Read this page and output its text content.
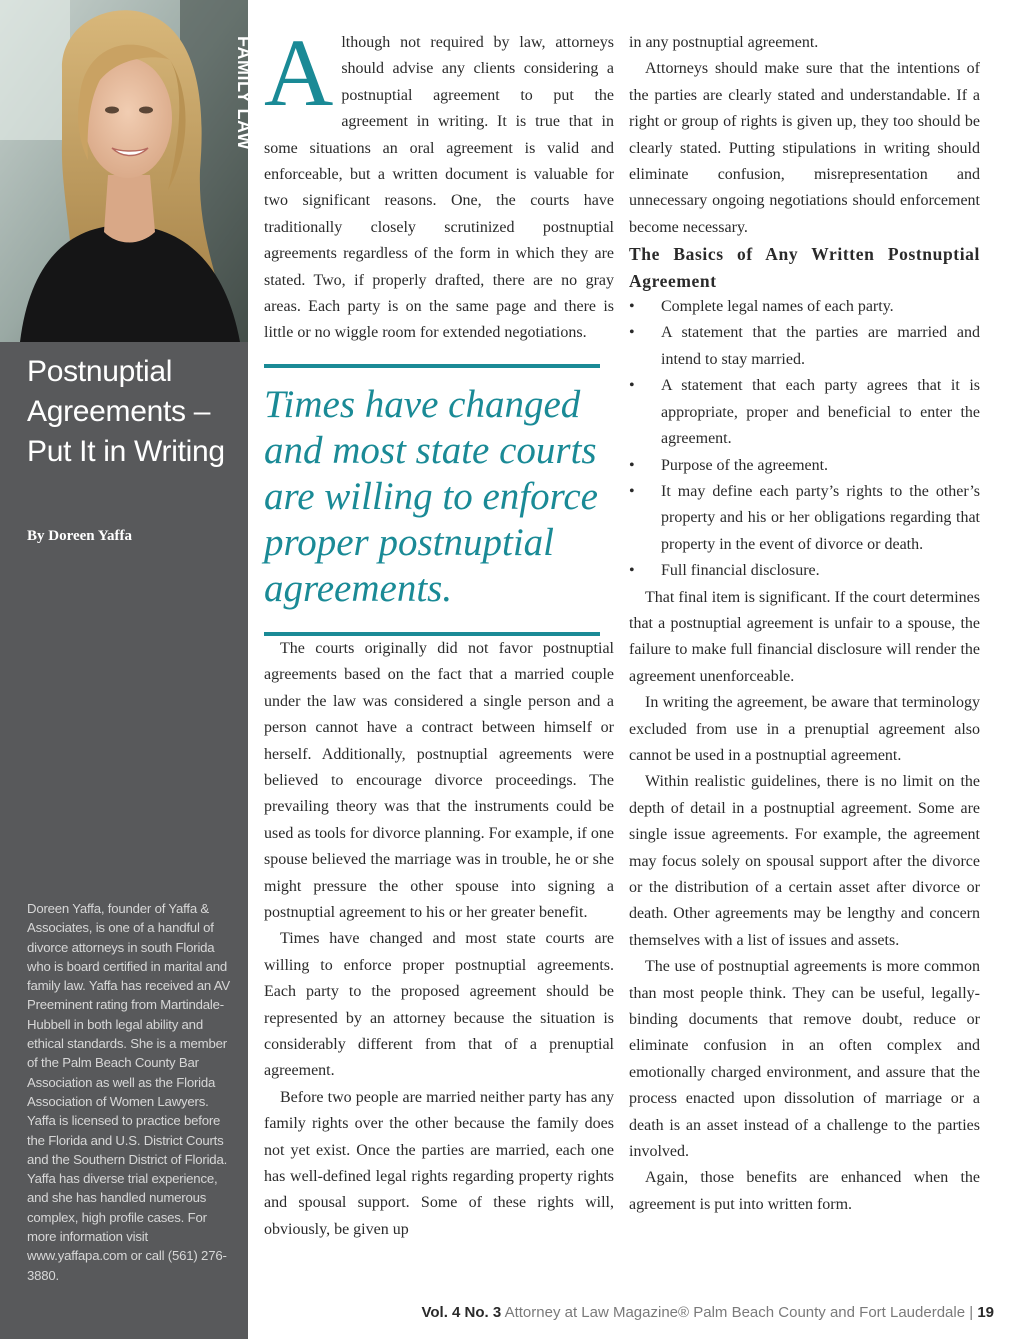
FAMILY LAW
Postnuptial Agreements – Put It in Writing
By Doreen Yaffa
Doreen Yaffa, founder of Yaffa & Associates, is one of a handful of divorce attorneys in south Florida who is board certified in marital and family law. Yaffa has received an AV Preeminent rating from Martindale-Hubbell in both legal ability and ethical standards. She is a member of the Palm Beach County Bar Association as well as the Florida Association of Women Lawyers. Yaffa is licensed to practice before the Florida and U.S. District Courts and the Southern District of Florida. Yaffa has diverse trial experience, and she has handled numerous complex, high profile cases. For more information visit www.yaffapa.com or call (561) 276-3880.

Although not required by law, attorneys should advise any clients considering a postnuptial agreement to put the agreement in writing. It is true that in some situations an oral agreement is valid and enforceable, but a written document is valuable for two significant reasons. One, the courts have traditionally closely scrutinized postnuptial agreements regardless of the form in which they are stated. Two, if properly drafted, there are no gray areas. Each party is on the same page and there is little or no wiggle room for extended negotiations.

Times have changed and most state courts are willing to enforce proper postnuptial agreements.

The courts originally did not favor postnuptial agreements based on the fact that a married couple under the law was considered a single person and a person cannot have a contract between himself or herself. Additionally, postnuptial agreements were believed to encourage divorce proceedings. The prevailing theory was that the instruments could be used as tools for divorce planning. For example, if one spouse believed the marriage was in trouble, he or she might pressure the other spouse into signing a postnuptial agreement to his or her greater benefit.

Times have changed and most state courts are willing to enforce proper postnuptial agreements. Each party to the proposed agreement should be represented by an attorney because the situation is considerably different from that of a prenuptial agreement.

Before two people are married neither party has any family rights over the other because the family does not yet exist. Once the parties are married, each one has well-defined legal rights regarding property rights and spousal support. Some of these rights will, obviously, be given up

in any postnuptial agreement.

Attorneys should make sure that the intentions of the parties are clearly stated and understandable. If a right or group of rights is given up, they too should be clearly stated. Putting stipulations in writing should eliminate confusion, misrepresentation and unnecessary ongoing negotiations should enforcement become necessary.

The Basics of Any Written Postnuptial Agreement

• Complete legal names of each party.
• A statement that the parties are married and intend to stay married.
• A statement that each party agrees that it is appropriate, proper and beneficial to enter the agreement.
• Purpose of the agreement.
• It may define each party’s rights to the other’s property and his or her obligations regarding that property in the event of divorce or death.
• Full financial disclosure.

That final item is significant. If the court determines that a postnuptial agreement is unfair to a spouse, the failure to make full financial disclosure will render the agreement unenforceable.

In writing the agreement, be aware that terminology excluded from use in a prenuptial agreement also cannot be used in a postnuptial agreement.

Within realistic guidelines, there is no limit on the depth of detail in a postnuptial agreement. Some are single issue agreements. For example, the agreement may focus solely on spousal support after the divorce or the distribution of a certain asset after divorce or death. Other agreements may be lengthy and concern themselves with a list of issues and assets.

The use of postnuptial agreements is more common than most people think. They can be useful, legally-binding documents that remove doubt, reduce or eliminate confusion in an often complex and emotionally charged environment, and assure that the process enacted upon dissolution of marriage or a death is an asset instead of a challenge to the parties involved.

Again, those benefits are enhanced when the agreement is put into written form.

Vol. 4 No. 3 Attorney at Law Magazine® Palm Beach County and Fort Lauderdale | 19
